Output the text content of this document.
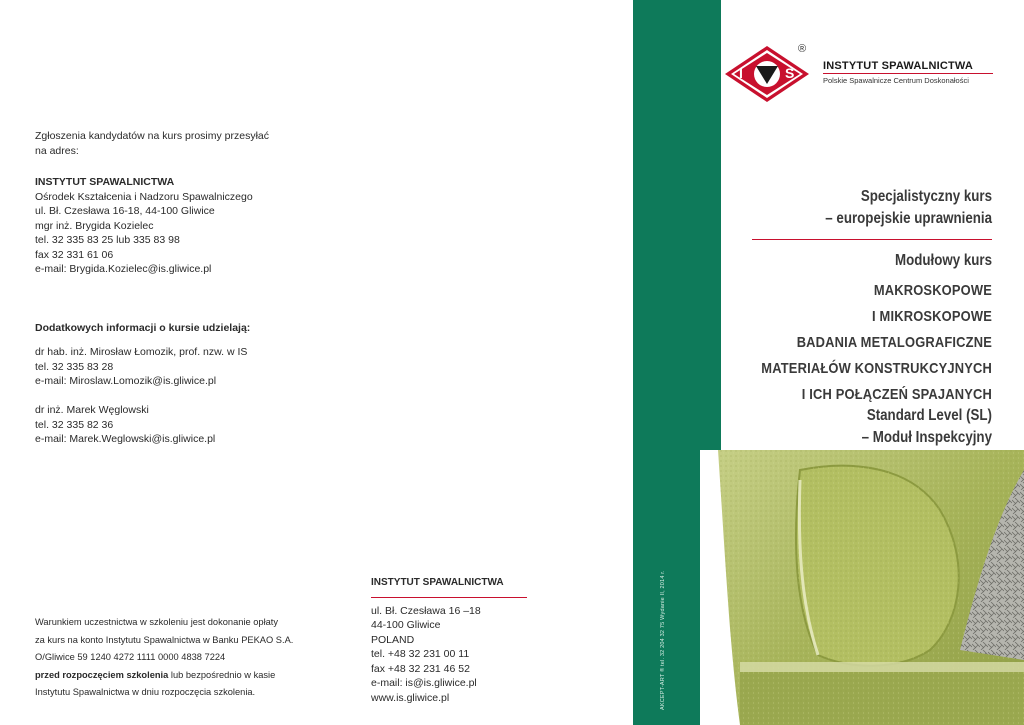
Zgłoszenia kandydatów na kurs prosimy przesyłać
na adres:
INSTYTUT SPAWALNICTWA
Ośrodek Kształcenia i Nadzoru Spawalniczego
ul. Bł. Czesława 16-18, 44-100 Gliwice
mgr inż. Brygida Kozielec
tel. 32 335 83 25 lub 335 83 98
fax 32 331 61 06
e-mail: Brygida.Kozielec@is.gliwice.pl
Dodatkowych informacji o kursie udzielają:
dr hab. inż. Mirosław Łomozik, prof. nzw. w IS
tel. 32 335 83 28
e-mail: Miroslaw.Lomozik@is.gliwice.pl
dr inż. Marek Węglowski
tel. 32 335 82 36
e-mail: Marek.Weglowski@is.gliwice.pl
Warunkiem uczestnictwa w szkoleniu jest dokonanie opłaty
za kurs na konto Instytutu Spawalnictwa w Banku PEKAO S.A.
O/Gliwice 59 1240 4272 1111 0000 4838 7224
przed rozpoczęciem szkolenia lub bezpośrednio w kasie
Instytutu Spawalnictwa w dniu rozpoczęcia szkolenia.
INSTYTUT SPAWALNICTWA
ul. Bł. Czesława 16 –18
44-100 Gliwice
POLAND
tel. +48 32 231 00 11
fax +48 32 231 46 52
e-mail: is@is.gliwice.pl
www.is.gliwice.pl	AKCEPT-ART ® tel. 32 204 32 75 Wydanie II, 2014 r.
I	S
®
INSTYTUT SPAWALNICTWA
Polskie Spawalnicze Centrum Doskonałości
Specjalistyczny kurs
– europejskie uprawnienia
Modułowy kurs
MAKROSKOPOWE
I MIKROSKOPOWE
BADANIA METALOGRAFICZNE
MATERIAŁÓW KONSTRUKCYJNYCH
I ICH POŁĄCZEŃ SPAJANYCH
Standard Level (SL)
– Moduł Inspekcyjny
